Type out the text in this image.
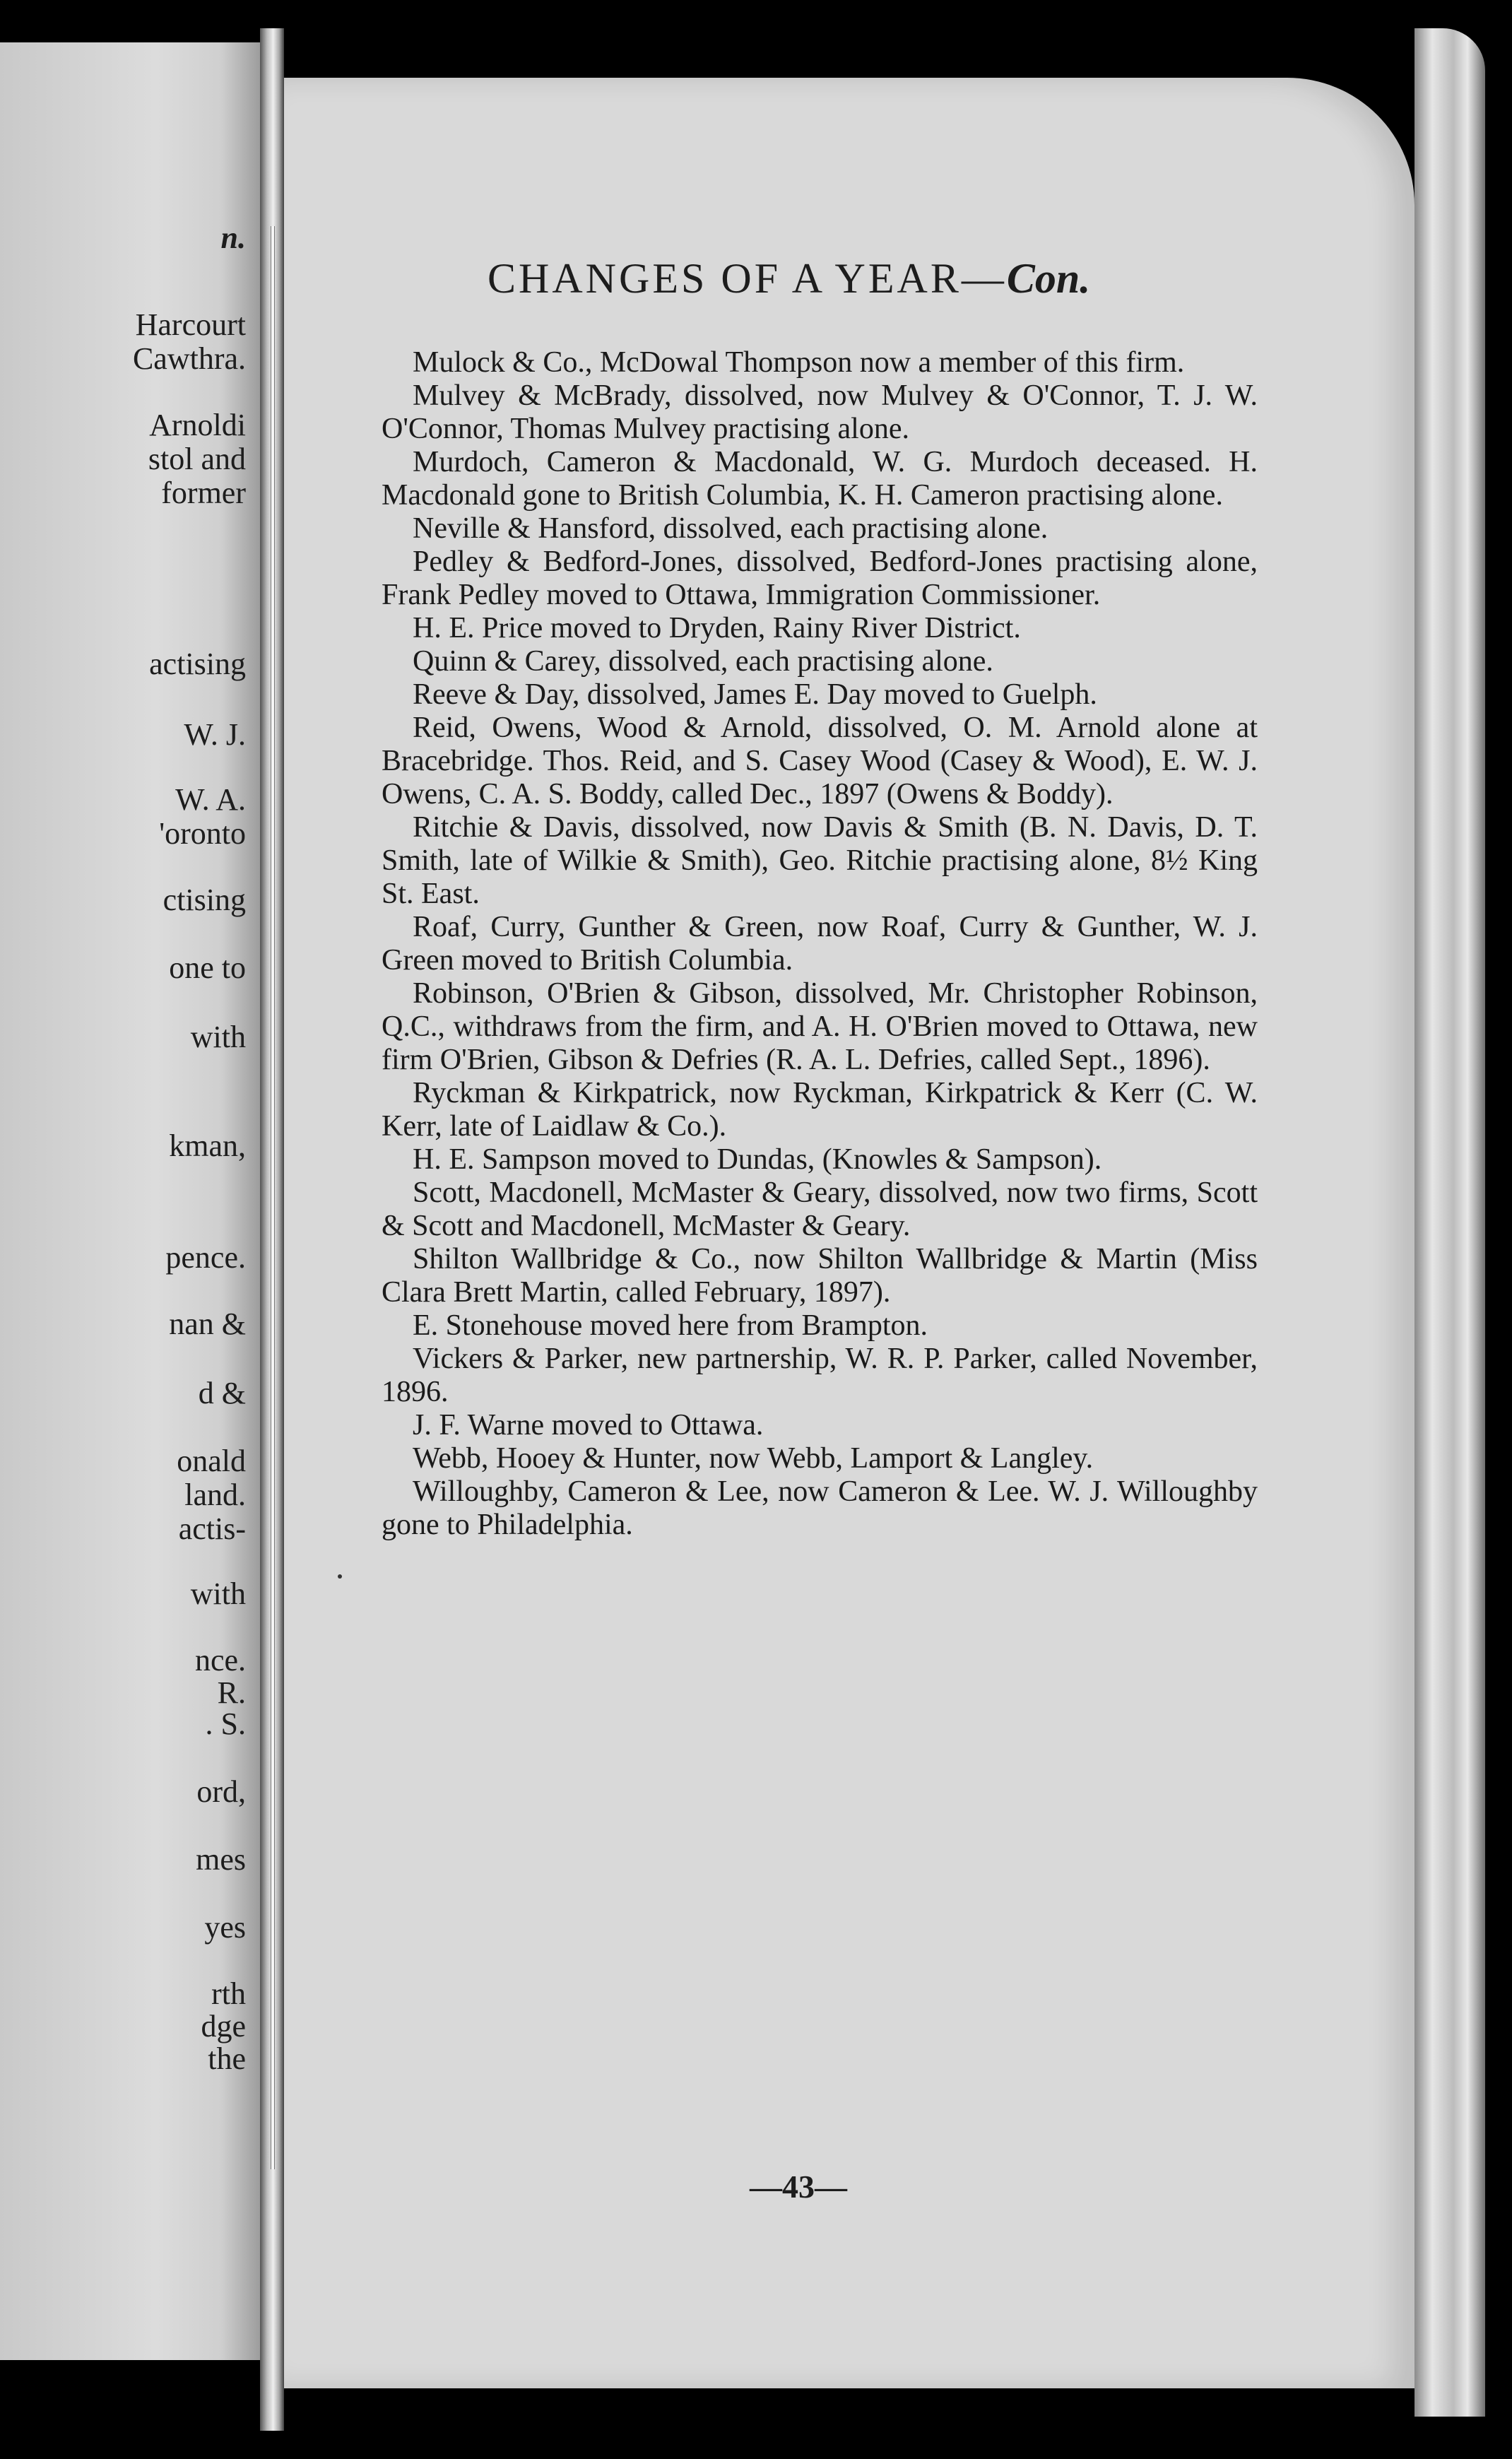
n.
Harcourt
Cawthra.
Arnoldi
stol and
former
actising
W. J.
W. A.
'oronto
ctising
one to
with
kman,
pence.
nan &
d &
onald
land.
actis-
with
nce.
R.
. S.
ord,
mes
yes
rth
dge
the
CHANGES OF A YEAR—Con.
Mulock & Co., McDowal Thompson now a member of this firm.
Mulvey & McBrady, dissolved, now Mulvey & O'Connor, T. J. W. O'Connor, Thomas Mulvey practising alone.
Murdoch, Cameron & Macdonald, W. G. Murdoch deceased. H. Macdonald gone to British Columbia, K. H. Cameron practising alone.
Neville & Hansford, dissolved, each practising alone.
Pedley & Bedford-Jones, dissolved, Bedford-Jones practising alone, Frank Pedley moved to Ottawa, Immigration Commissioner.
H. E. Price moved to Dryden, Rainy River District.
Quinn & Carey, dissolved, each practising alone.
Reeve & Day, dissolved, James E. Day moved to Guelph.
Reid, Owens, Wood & Arnold, dissolved, O. M. Arnold alone at Bracebridge. Thos. Reid, and S. Casey Wood (Casey & Wood), E. W. J. Owens, C. A. S. Boddy, called Dec., 1897 (Owens & Boddy).
Ritchie & Davis, dissolved, now Davis & Smith (B. N. Davis, D. T. Smith, late of Wilkie & Smith), Geo. Ritchie practising alone, 8½ King St. East.
Roaf, Curry, Gunther & Green, now Roaf, Curry & Gunther, W. J. Green moved to British Columbia.
Robinson, O'Brien & Gibson, dissolved, Mr. Christopher Robinson, Q.C., withdraws from the firm, and A. H. O'Brien moved to Ottawa, new firm O'Brien, Gibson & Defries (R. A. L. Defries, called Sept., 1896).
Ryckman & Kirkpatrick, now Ryckman, Kirkpatrick & Kerr (C. W. Kerr, late of Laidlaw & Co.).
H. E. Sampson moved to Dundas, (Knowles & Sampson).
Scott, Macdonell, McMaster & Geary, dissolved, now two firms, Scott & Scott and Macdonell, McMaster & Geary.
Shilton Wallbridge & Co., now Shilton Wallbridge & Martin (Miss Clara Brett Martin, called February, 1897).
E. Stonehouse moved here from Brampton.
Vickers & Parker, new partnership, W. R. P. Parker, called November, 1896.
J. F. Warne moved to Ottawa.
Webb, Hooey & Hunter, now Webb, Lamport & Langley.
Willoughby, Cameron & Lee, now Cameron & Lee. W. J. Willoughby gone to Philadelphia.
—43—
